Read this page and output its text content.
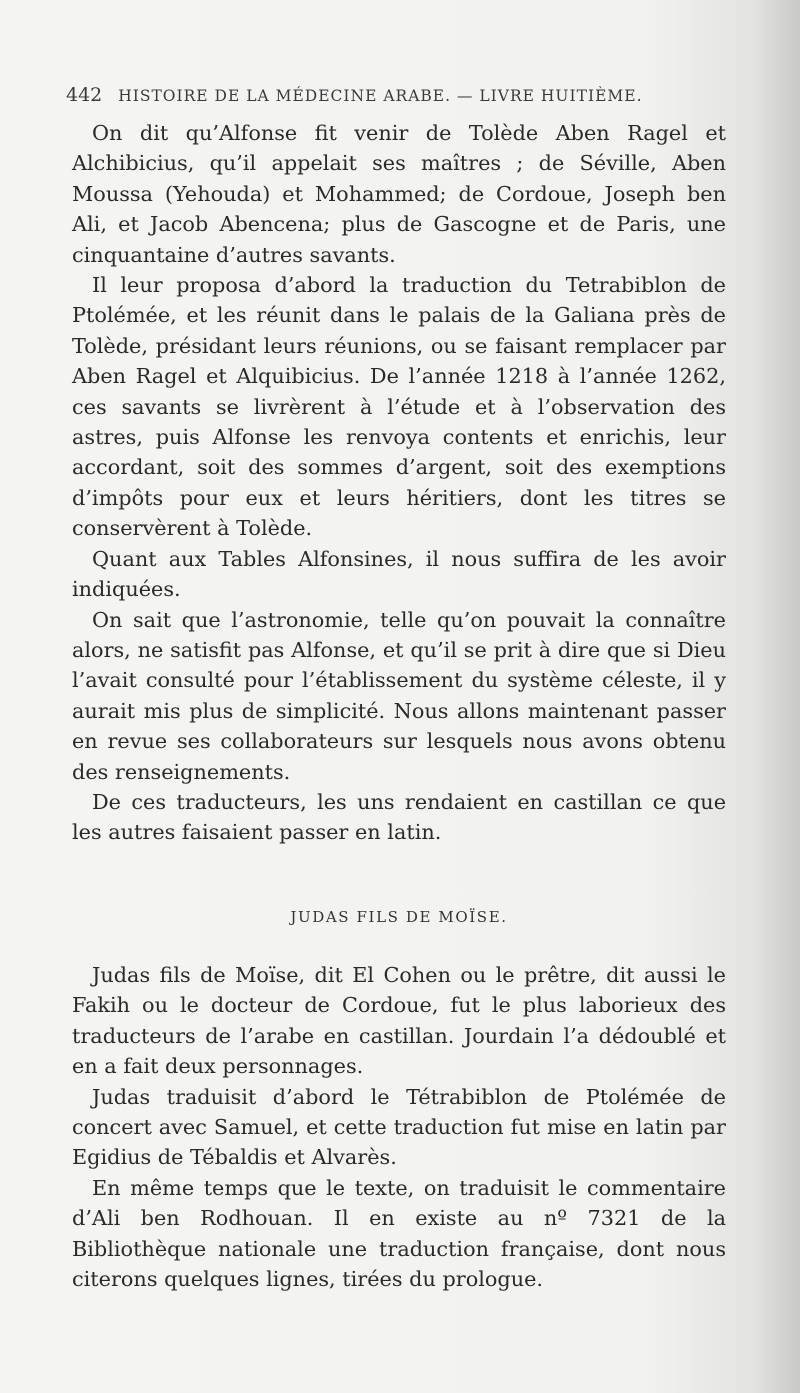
442 HISTOIRE DE LA MÉDECINE ARABE. — LIVRE HUITIÈME.

On dit qu’Alfonse fit venir de Tolède Aben Ragel et Alchibicius, qu’il appelait ses maîtres ; de Séville, Aben Moussa (Yehouda) et Mohammed; de Cordoue, Joseph ben Ali, et Jacob Abencena; plus de Gascogne et de Paris, une cinquantaine d’autres savants.

Il leur proposa d’abord la traduction du Tetrabiblon de Ptolémée, et les réunit dans le palais de la Galiana près de Tolède, présidant leurs réunions, ou se faisant remplacer par Aben Ragel et Alquibicius. De l’année 1218 à l’année 1262, ces savants se livrèrent à l’étude et à l’observation des astres, puis Alfonse les renvoya contents et enrichis, leur accordant, soit des sommes d’argent, soit des exemptions d’impôts pour eux et leurs héritiers, dont les titres se conservèrent à Tolède.

Quant aux Tables Alfonsines, il nous suffira de les avoir indiquées.

On sait que l’astronomie, telle qu’on pouvait la connaître alors, ne satisfit pas Alfonse, et qu’il se prit à dire que si Dieu l’avait consulté pour l’établissement du système céleste, il y aurait mis plus de simplicité. Nous allons maintenant passer en revue ses collaborateurs sur lesquels nous avons obtenu des renseignements.

De ces traducteurs, les uns rendaient en castillan ce que les autres faisaient passer en latin.

JUDAS FILS DE MOÏSE.

Judas fils de Moïse, dit El Cohen ou le prêtre, dit aussi le Fakih ou le docteur de Cordoue, fut le plus laborieux des traducteurs de l’arabe en castillan. Jourdain l’a dédoublé et en a fait deux personnages.

Judas traduisit d’abord le Tétrabiblon de Ptolémée de concert avec Samuel, et cette traduction fut mise en latin par Egidius de Tébaldis et Alvarès.

En même temps que le texte, on traduisit le commentaire d’Ali ben Rodhouan. Il en existe au nº 7321 de la Bibliothèque nationale une traduction française, dont nous citerons quelques lignes, tirées du prologue.
